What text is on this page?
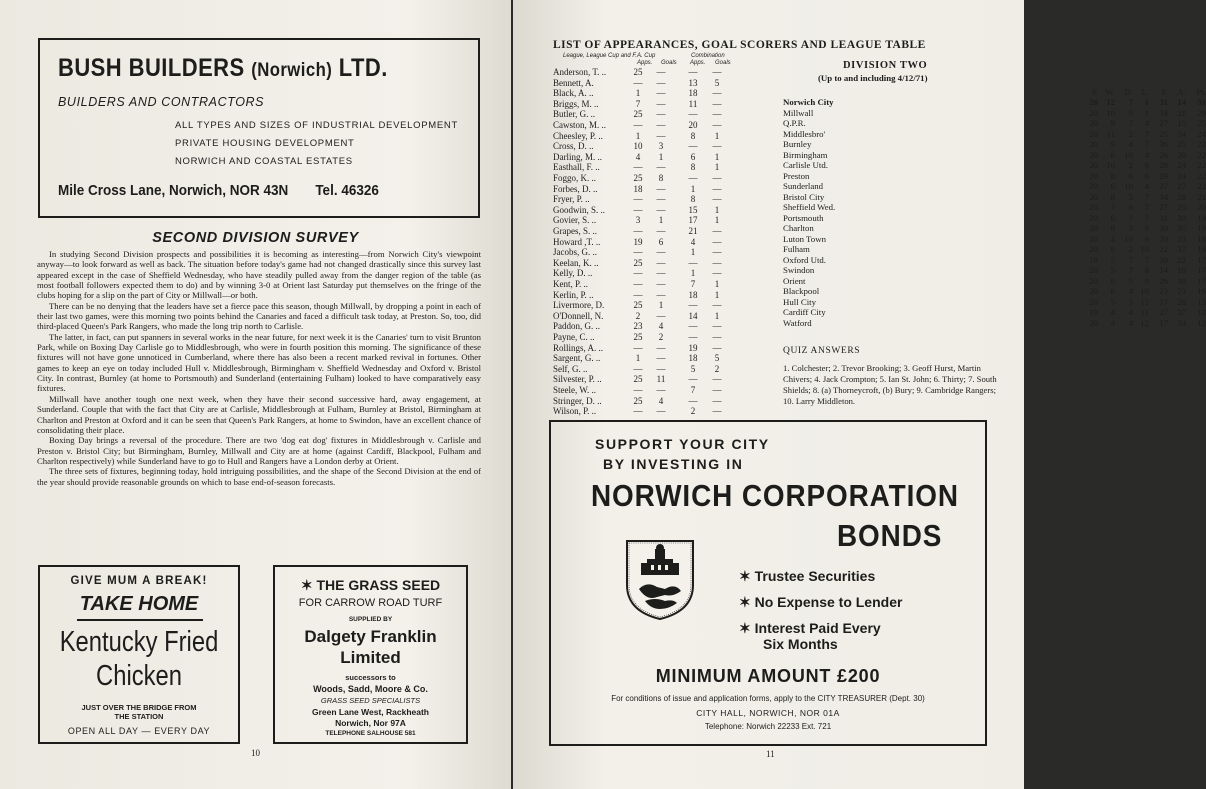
BUSH BUILDERS (Norwich) LTD.
BUILDERS AND CONTRACTORS
ALL TYPES AND SIZES OF INDUSTRIAL DEVELOPMENT
PRIVATE HOUSING DEVELOPMENT
NORWICH AND COASTAL ESTATES
Mile Cross Lane, Norwich, NOR 43N Tel. 46326
SECOND DIVISION SURVEY

In studying Second Division prospects and possibilities it is becoming as interesting—from Norwich City's viewpoint anyway—to look forward as well as back. The situation before today's game had not changed drastically since this survey last appeared except in the case of Sheffield Wednesday, who have steadily pulled away from the danger region of the table (as most football followers expected them to do) and by winning 3-0 at Orient last Saturday put themselves on the fringe of the clubs hoping for a slip on the part of City or Millwall—or both.

There can be no denying that the leaders have set a fierce pace this season, though Millwall, by dropping a point in each of their last two games, were this morning two points behind the Canaries and faced a difficult task today, at Preston. So, too, did third-placed Queen's Park Rangers, who made the long trip north to Carlisle.

The latter, in fact, can put spanners in several works in the near future, for next week it is the Canaries' turn to visit Brunton Park, while on Boxing Day Carlisle go to Middlesbrough, who were in fourth position this morning. The significance of these fixtures will not have gone unnoticed in Cumberland, where there has also been a recent marked revival in fortunes. Other games to keep an eye on today included Hull v. Middlesbrough, Birmingham v. Sheffield Wednesday and Oxford v. Bristol City. In contrast, Burnley (at home to Portsmouth) and Sunderland (entertaining Fulham) looked to have comparatively easy fixtures.

Millwall have another tough one next week, when they have their second successive hard, away engagement, at Sunderland. Couple that with the fact that City are at Carlisle, Middlesbrough at Fulham, Burnley at Bristol, Birmingham at Charlton and Preston at Oxford and it can be seen that Queen's Park Rangers, at home to Swindon, have an excellent chance of consolidating their place.

Boxing Day brings a reversal of the procedure. There are two 'dog eat dog' fixtures in Middlesbrough v. Carlisle and Preston v. Bristol City; but Birmingham, Burnley, Millwall and City are at home (against Cardiff, Blackpool, Fulham and Charlton respectively) while Sunderland have to go to Hull and Rangers have a London derby at Orient.

The three sets of fixtures, beginning today, hold intriguing possibilities, and the shape of the Second Division at the end of the year should provide reasonable grounds on which to base end-of-season forecasts.

GIVE MUM A BREAK!
TAKE HOME
Kentucky Fried
Chicken
JUST OVER THE BRIDGE FROM
THE STATION
OPEN ALL DAY — EVERY DAY
✶ THE GRASS SEED
FOR CARROW ROAD TURF
SUPPLIED BY
Dalgety Franklin
Limited
successors to
Woods, Sadd, Moore & Co.
GRASS SEED SPECIALISTS
Green Lane West, Rackheath
Norwich, Nor 97A
TELEPHONE SALHOUSE 581
10
LIST OF APPEARANCES, GOAL SCORERS AND LEAGUE TABLE
League, League Cup and F.A. Cup	Combination
Apps. Goals Apps. Goals
Anderson, T. ..	25	—	—	—
Bennett, A.	—	—	13	5
Black, A. ..	1	—	18	—
Briggs, M. ..	7	—	11	—
Butler, G. ..	25	—	—	—
Cawston, M. ..	—	—	20	—
Cheesley, P. ..	1	—	8	1
Cross, D. ..	10	3	—	—
Darling, M. ..	4	1	6	1
Easthall, F. ..	—	—	8	1
Foggo, K. ..	25	8	—	—
Forbes, D. ..	18	—	1	—
Fryer, P. ..	—	—	8	—
Goodwin, S. ..	—	—	15	1
Govier, S. ..	3	1	17	1
Grapes, S. ..	—	—	21	—
Howard ,T. ..	19	6	4	—
Jacobs, G. ..	—	—	1	—
Keelan, K. ..	25	—	—	—
Kelly, D. ..	—	—	1	—
Kent, P. ..	—	—	7	1
Kerlin, P. ..	—	—	18	1
Livermore, D.	25	1	—	—
O'Donnell, N.	2	—	14	1
Paddon, G. ..	23	4	—	—
Payne, C. ..	25	2	—	—
Rollings, A. ..	—	—	19	—
Sargent, G. ..	1	—	18	5
Self, G. ..	—	—	5	2
Silvester, P. ..	25	11	—	—
Steele, W. ..	—	—	7	—
Stringer, D. ..	25	4	—	—
Wilson, P. ..	—	—	2	—
DIVISION TWO
(Up to and including 4/12/71)
P. W.	D. L.	F.	A.	Pt.
Norwich City	20 12	7	1	31	14	31
Millwall	20 10	9	1	34	21	29
Q.P.R.	20	9	7	4	27	15	25
Middlesbro'	20 11	2	7	25	24	24
Burnley	20	9	4	7	36	25	22
Birmingham	20	6	10	4	26	20	22
Carlisle Utd.	20 10	2	8	29	24	22
Preston	20	8	6	6	29	24	22
Sunderland	20	6	10	4	27	27	22
Bristol City	20	8	5	7	34	28	21
Sheffield Wed.	20	7	6	7	27	25	20
Portsmouth	20	6	7	7	31	30	19
Charlton	20	8	3	9	30	35	19
Luton Town	20	4	10	6	20	23	18
Fulham	20	8	2 10	22	37	18
Oxford Utd.	19	5	7	7	20	22	17
Swindon	20	5	7	8	14	18	17
Orient	20	6	5	9	26	38	17
Blackpool	20	6	4 10	23	23	16
Hull City	20	5	3 12	17	28	13
Cardiff City	19	4	4 11	27	37	12
Watford	20	4	4 12	17	34	12
QUIZ ANSWERS
1. Colchester; 2. Trevor Brooking; 3. Geoff Hurst, Martin Chivers; 4. Jack Crompton; 5. Ian St. John; 6. Thirty; 7. South Shields; 8. (a) Thorneycroft, (b) Bury; 9. Cambridge Rangers; 10. Larry Middleton.
SUPPORT YOUR CITY
BY INVESTING IN
NORWICH CORPORATION
BONDS
✶ Trustee Securities
✶ No Expense to Lender
✶ Interest Paid Every
Six Months
MINIMUM AMOUNT £200
For conditions of issue and application forms, apply to the CITY TREASURER (Dept. 30)
CITY HALL, NORWICH, NOR 01A
Telephone: Norwich 22233 Ext. 721
11
